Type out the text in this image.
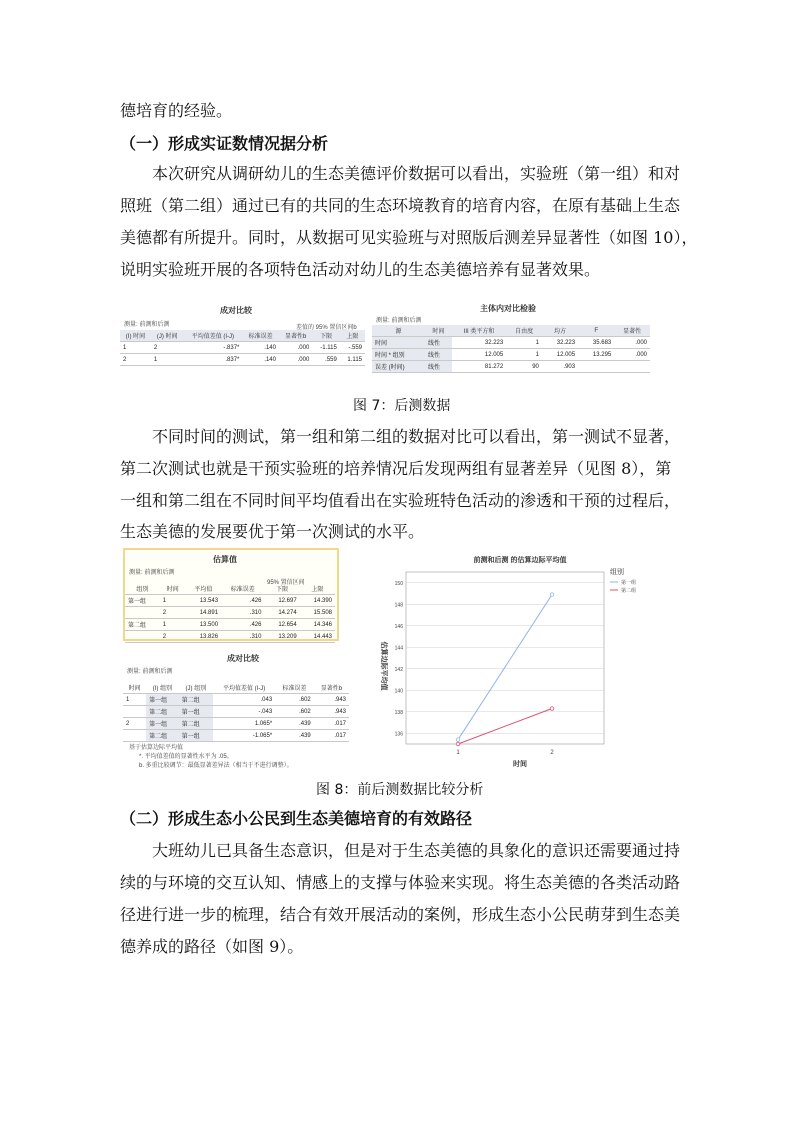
德培育的经验。
（一）形成实证数情况据分析
本次研究从调研幼儿的生态美德评价数据可以看出，实验班（第一组）和对
照班（第二组）通过已有的共同的生态环境教育的培育内容，在原有基础上生态
美德都有所提升。同时，从数据可见实验班与对照版后测差异显著性（如图 10），
说明实验班开展的各项特色活动对幼儿的生态美德培养有显著效果。
成对比较
测量: 前测和后测
(I) 时间	(J) 时间	平均值差值 (I-J)	标准误差	显著性b	下限	上限
1	2	-.837*	.140	.000	-1.115	-.559
2	1	.837*	.140	.000	.559	1.115
差值的 95% 置信区间b
主体内对比检验
测量: 前测和后测
源	时间	III 类平方和	自由度	均方	F	显著性
时间	线性	32.223	1	32.223	35.683	.000
时间 * 组别	线性	12.005	1	12.005	13.295	.000
误差 (时间)	线性	81.272	90	.903		
图 7：后测数据
不同时间的测试，第一组和第二组的数据对比可以看出，第一测试不显著，
第二次测试也就是干预实验班的培养情况后发现两组有显著差异（见图 8），第
一组和第二组在不同时间平均值看出在实验班特色活动的渗透和干预的过程后，
生态美德的发展要优于第一次测试的水平。
估算值
测量: 前测和后测
95% 置信区间
组别	时间	平均值	标准误差	下限	上限
第一组	1	13.543	.426	12.697	14.390
	2	14.891	.310	14.274	15.508
第二组	1	13.500	.426	12.654	14.346
	2	13.826	.310	13.209	14.443
成对比较
测量: 前测和后测
时间	(I) 组别	(J) 组别	平均值差值 (I-J)	标准误差	显著性b
1	第一组	第二组	.043	.602	.943
	第二组	第一组	-.043	.602	.943
2	第一组	第二组	1.065*	.439	.017
	第二组	第一组	-1.065*	.439	.017
基于估算边际平均值
*. 平均值差值的显著性水平为 .05。
b. 多重比较调节：最低显著差异法（相当于不进行调整）。
前测和后测 的估算边际平均值
组别
时间
估算边际平均值
136
138
140
142
144
146
148
150
1	2
第一组
第二组
图 8：前后测数据比较分析
（二）形成生态小公民到生态美德培育的有效路径
大班幼儿已具备生态意识，但是对于生态美德的具象化的意识还需要通过持
续的与环境的交互认知、情感上的支撑与体验来实现。将生态美德的各类活动路
径进行进一步的梳理，结合有效开展活动的案例，形成生态小公民萌芽到生态美
德养成的路径（如图 9）。
